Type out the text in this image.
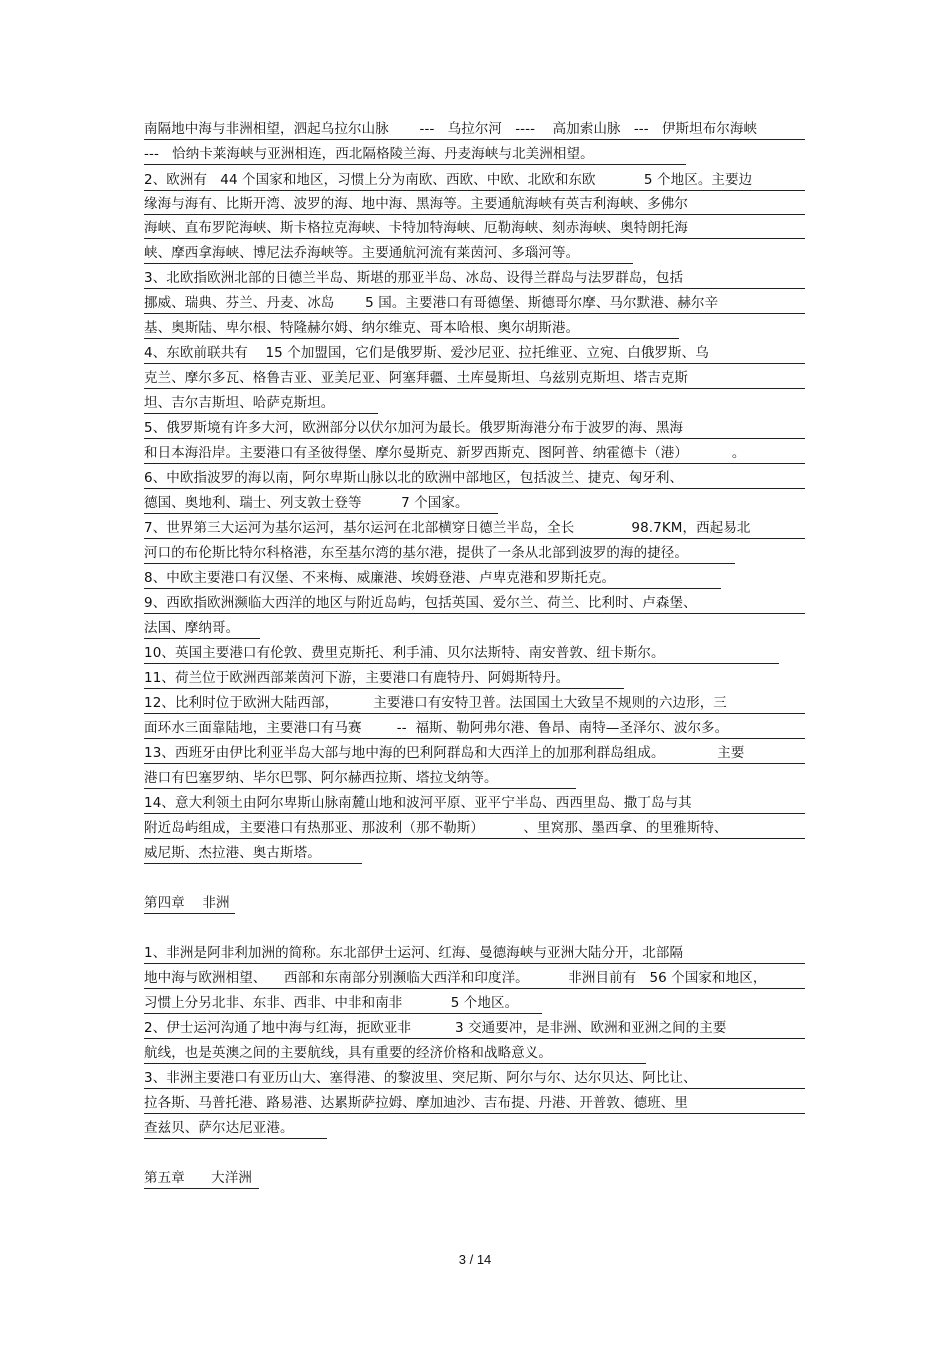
南隔地中海与非洲相望，泗起乌拉尔山脉       ---   乌拉尔河   ----    高加索山脉   ---   伊斯坦布尔海峡
---   恰纳卡莱海峡与亚洲相连，西北隔格陵兰海、丹麦海峡与北美洲相望。
2、欧洲有   44 个国家和地区，习惯上分为南欧、西欧、中欧、北欧和东欧           5 个地区。主要边
缘海与海有、比斯开湾、波罗的海、地中海、黑海等。主要通航海峡有英吉利海峡、多佛尔
海峡、直布罗陀海峡、斯卡格拉克海峡、卡特加特海峡、厄勒海峡、刻赤海峡、奥特朗托海
峡、摩西拿海峡、博尼法乔海峡等。主要通航河流有莱茵河、多瑙河等。
3、北欧指欧洲北部的日德兰半岛、斯堪的那亚半岛、冰岛、设得兰群岛与法罗群岛，包括
挪威、瑞典、芬兰、丹麦、冰岛       5 国。主要港口有哥德堡、斯德哥尔摩、马尔默港、赫尔辛
基、奥斯陆、卑尔根、特隆赫尔姆、纳尔维克、哥本哈根、奥尔胡斯港。
4、东欧前联共有    15 个加盟国，它们是俄罗斯、爱沙尼亚、拉托维亚、立宛、白俄罗斯、乌
克兰、摩尔多瓦、格鲁吉亚、亚美尼亚、阿塞拜疆、土库曼斯坦、乌兹别克斯坦、塔吉克斯
坦、吉尔吉斯坦、哈萨克斯坦。
5、俄罗斯境有许多大河，欧洲部分以伏尔加河为最长。俄罗斯海港分布于波罗的海、黑海
和日本海沿岸。主要港口有圣彼得堡、摩尔曼斯克、新罗西斯克、图阿普、纳霍德卡（港）          。
6、中欧指波罗的海以南，阿尔卑斯山脉以北的欧洲中部地区，包括波兰、捷克、匈牙利、
德国、奥地利、瑞士、列支敦士登等         7 个国家。
7、世界第三大运河为基尔运河，基尔运河在北部横穿日德兰半岛，全长             98.7KM，西起易北
河口的布伦斯比特尔科格港，东至基尔湾的基尔港，提供了一条从北部到波罗的海的捷径。
8、中欧主要港口有汉堡、不来梅、威廉港、埃姆登港、卢卑克港和罗斯托克。
9、西欧指欧洲濒临大西洋的地区与附近岛屿，包括英国、爱尔兰、荷兰、比利时、卢森堡、
法国、摩纳哥。
10、英国主要港口有伦敦、费里克斯托、利手浦、贝尔法斯特、南安普敦、纽卡斯尔。
11、荷兰位于欧洲西部莱茵河下游，主要港口有鹿特丹、阿姆斯特丹。
12、比利时位于欧洲大陆西部，        主要港口有安特卫普。法国国土大致呈不规则的六边形，三
面环水三面靠陆地，主要港口有马赛        --  福斯、勒阿弗尔港、鲁昂、南特—圣泽尔、波尔多。
13、西班牙由伊比利亚半岛大部与地中海的巴利阿群岛和大西洋上的加那利群岛组成。            主要
港口有巴塞罗纳、毕尔巴鄂、阿尔赫西拉斯、塔拉戈纳等。
14、意大利领土由阿尔卑斯山脉南麓山地和波河平原、亚平宁半岛、西西里岛、撒丁岛与其
附近岛屿组成，主要港口有热那亚、那波利（那不勒斯）         、里窝那、墨西拿、的里雅斯特、
威尼斯、杰拉港、奥古斯塔。
第四章    非洲
1、非洲是阿非利加洲的简称。东北部伊士运河、红海、曼德海峡与亚洲大陆分开，北部隔
地中海与欧洲相望、    西部和东南部分别濒临大西洋和印度洋。         非洲目前有   56 个国家和地区，
习惯上分另北非、东非、西非、中非和南非           5 个地区。
2、伊士运河沟通了地中海与红海，扼欧亚非          3 交通要冲，是非洲、欧洲和亚洲之间的主要
航线，也是英澳之间的主要航线，具有重要的经济价格和战略意义。
3、非洲主要港口有亚历山大、塞得港、的黎波里、突尼斯、阿尔与尔、达尔贝达、阿比让、
拉各斯、马普托港、路易港、达累斯萨拉姆、摩加迪沙、吉布提、丹港、开普敦、德班、里
查兹贝、萨尔达尼亚港。
第五章      大洋洲
3 / 14
